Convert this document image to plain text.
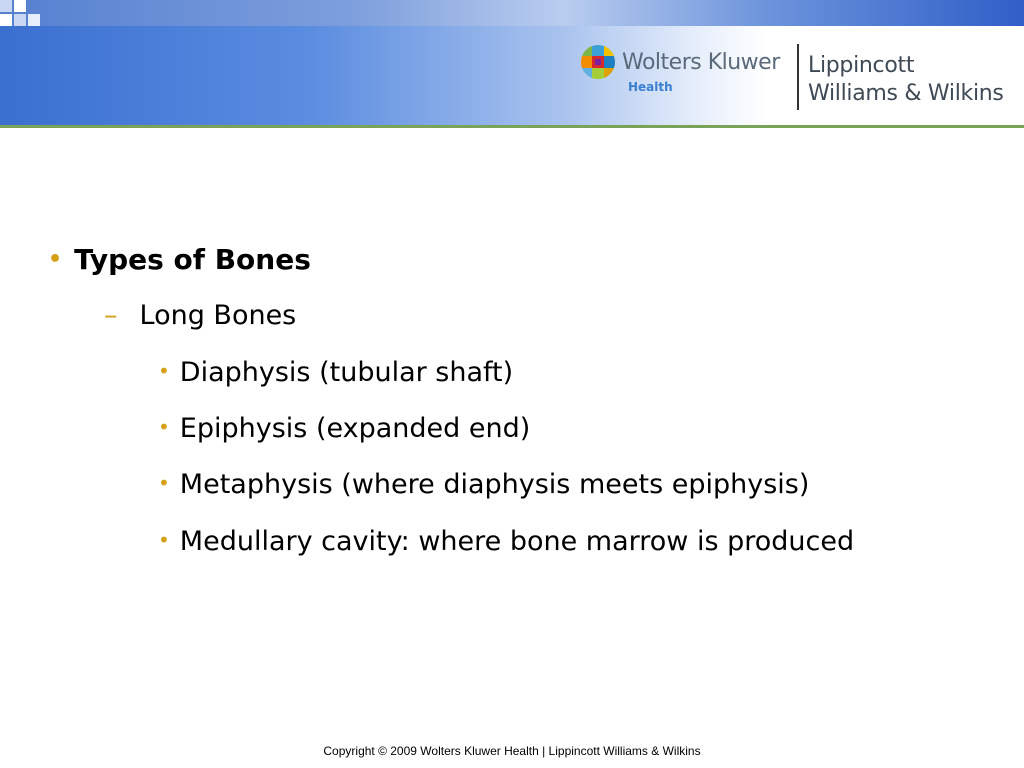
Wolters Kluwer
Health
Lippincott
Williams & Wilkins
• Types of Bones
– Long Bones
• Diaphysis (tubular shaft)
• Epiphysis (expanded end)
• Metaphysis (where diaphysis meets epiphysis)
• Medullary cavity: where bone marrow is produced
Copyright © 2009 Wolters Kluwer Health | Lippincott Williams & Wilkins
